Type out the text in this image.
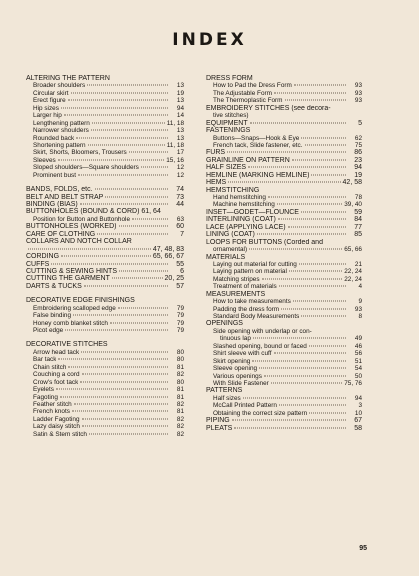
INDEX
ALTERING THE PATTERN
Broader shoulders	13
Circular skirt	19
Erect figure	13
Hip sizes	94
Larger hip	14
Lengthening pattern	11, 18
Narrower shoulders	13
Rounded back	13
Shortening pattern	11, 18
Skirt, Shorts, Bloomers, Trousers	17
Sleeves	15, 16
Sloped shoulders—Square shoulders	12
Prominent bust	12
BANDS, FOLDS, etc.	74
BELT AND BELT STRAP	73
BINDING (BIAS)	44
BUTTONHOLES (BOUND & CORD) 61, 64
Position for Button and Buttonhole	63
BUTTONHOLES (WORKED)	60
CARE OF CLOTHING	7
COLLARS AND NOTCH COLLAR
47, 48, 83
CORDING	65, 66, 67
CUFFS	55
CUTTING & SEWING HINTS	6
CUTTING THE GARMENT	20, 25
DARTS & TUCKS	57
DECORATIVE EDGE FINISHINGS
Embroidering scalloped edge	79
False binding	79
Honey comb blanket stitch	79
Picot edge	79
DECORATIVE STITCHES
Arrow head tack	80
Bar tack	80
Chain stitch	81
Couching a cord	82
Crow's foot tack	80
Eyelets	81
Fagoting	81
Feather stitch	82
French knots	81
Ladder Fagoting	82
Lazy daisy stitch	82
Satin & Stem stitch	82
DRESS FORM
How to Pad the Dress Form	93
The Adjustable Form	93
The Thermoplastic Form	93
EMBROIDERY STITCHES (see decora-
tive stitches)
EQUIPMENT	5
FASTENINGS
Buttons—Snaps—Hook & Eye	62
French tack, Slide fastener, etc.	75
FURS	86
GRAINLINE ON PATTERN	23
HALF SIZES	94
HEMLINE (MARKING HEMLINE)	19
HEMS	42, 58
HEMSTITCHING
Hand hemstitching	78
Machine hemstitching	39, 40
INSET—GODET—FLOUNCE	59
INTERLINING (COAT)	84
LACE (APPLYING LACE)	77
LINING (COAT)	85
LOOPS FOR BUTTONS (Corded and
ornamental)	65, 66
MATERIALS
Laying out material for cutting	21
Laying pattern on material	22, 24
Matching stripes	22, 24
Treatment of materials	4
MEASUREMENTS
How to take measurements	9
Padding the dress form	93
Standard Body Measurements	8
OPENINGS
Side opening with underlap or con-
tinuous lap	49
Slashed opening, bound or faced	46
Shirt sleeve with cuff	56
Skirt opening	51
Sleeve opening	54
Various openings	50
With Slide Fastener	75, 76
PATTERNS
Half sizes	94
McCall Printed Pattern	3
Obtaining the correct size pattern	10
PIPING	67
PLEATS	58
95
